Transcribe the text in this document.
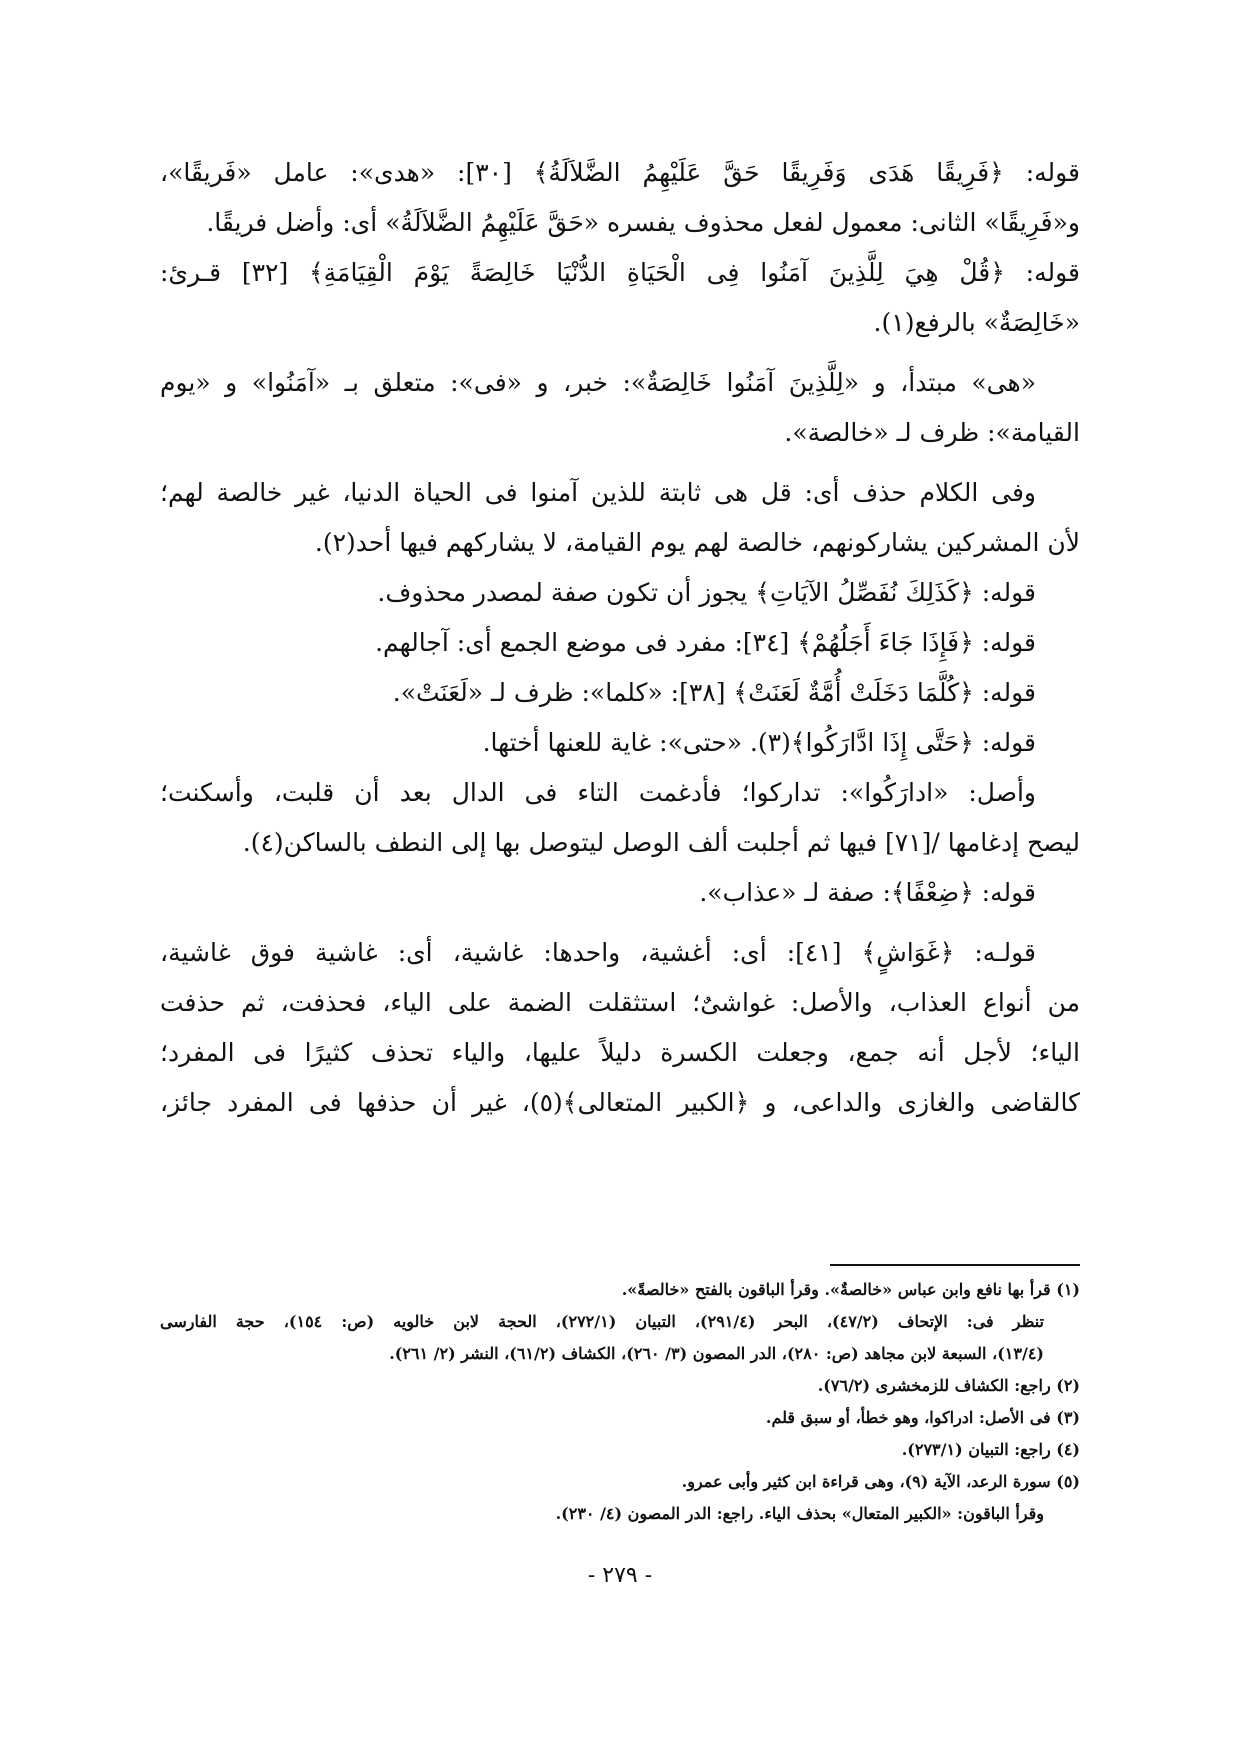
قوله: ﴿فَرِيقًا هَدَى وَفَرِيقًا حَقَّ عَلَيْهِمُ الضَّلاَلَةُ﴾ [٣٠]: «هدى»: عامل «فَريقًا»،
و«فَرِيقًا» الثانى: معمول لفعل محذوف يفسره «حَقَّ عَلَيْهِمُ الضَّلاَلَةُ» أى: وأضل فريقًا.
قوله: ﴿قُلْ هِيَ لِلَّذِينَ آمَنُوا فِى الْحَيَاةِ الدُّنْيَا خَالِصَةً يَوْمَ الْقِيَامَةِ﴾ [٣٢] قـرئ:
«خَالِصَةٌ» بالرفع(١).
«هى» مبتدأ، و «لِلَّذِينَ آمَنُوا خَالِصَةٌ»: خبر، و «فى»: متعلق بـ «آمَنُوا» و «يوم
القيامة»: ظرف لـ «خالصة».
وفى الكلام حذف أى: قل هى ثابتة للذين آمنوا فى الحياة الدنيا، غير خالصة لهم؛
لأن المشركين يشاركونهم، خالصة لهم يوم القيامة، لا يشاركهم فيها أحد(٢).
قوله: ﴿كَذَلِكَ نُفَصِّلُ الآيَاتِ﴾ يجوز أن تكون صفة لمصدر محذوف.
قوله: ﴿فَإِذَا جَاءَ أَجَلُهُمْ﴾ [٣٤]: مفرد فى موضع الجمع أى: آجالهم.
قوله: ﴿كُلَّمَا دَخَلَتْ أُمَّةٌ لَعَنَتْ﴾ [٣٨]: «كلما»: ظرف لـ «لَعَنَتْ».
قوله: ﴿حَتَّى إِذَا ادَّارَكُوا﴾(٣). «حتى»: غاية للعنها أختها.
وأصل: «ادارَكُوا»: تداركوا؛ فأدغمت التاء فى الدال بعد أن قلبت، وأسكنت؛
ليصح إدغامها /[٧١] فيها ثم أجلبت ألف الوصل ليتوصل بها إلى النطف بالساكن(٤).
قوله: ﴿ضِعْفًا﴾: صفة لـ «عذاب».
قولـه: ﴿غَوَاشٍ﴾ [٤١]: أى: أغشية، واحدها: غاشية، أى: غاشية فوق غاشية،
من أنواع العذاب، والأصل: غواشىٌ؛ استثقلت الضمة على الياء، فحذفت، ثم حذفت
الياء؛ لأجل أنه جمع، وجعلت الكسرة دليلاً عليها، والياء تحذف كثيرًا فى المفرد؛
كالقاضى والغازى والداعى، و ﴿الكبير المتعالى﴾(٥)، غير أن حذفها فى المفرد جائز،
(١) قرأ بها نافع وابن عباس «خالصةٌ». وقرأ الباقون بالفتح «خالصةً».
تنظر فى: الإتحاف (٤٧/٢)، البحر (٢٩١/٤)، التبيان (٢٧٢/١)، الحجة لابن خالويه (ص: ١٥٤)، حجة الفارسى
(١٣/٤)، السبعة لابن مجاهد (ص: ٢٨٠)، الدر المصون (٣/ ٢٦٠)، الكشاف (٦١/٢)، النشر (٢/ ٢٦١).
(٢) راجع: الكشاف للزمخشرى (٧٦/٢).
(٣) فى الأصل: ادراكوا، وهو خطأ، أو سبق قلم.
(٤) راجع: التبيان (٢٧٣/١).
(٥) سورة الرعد، الآية (٩)، وهى قراءة ابن كثير وأبى عمرو.
وقرأ الباقون: «الكبير المتعال» بحذف الياء. راجع: الدر المصون (٤/ ٢٣٠).
- ٢٧٩ -
